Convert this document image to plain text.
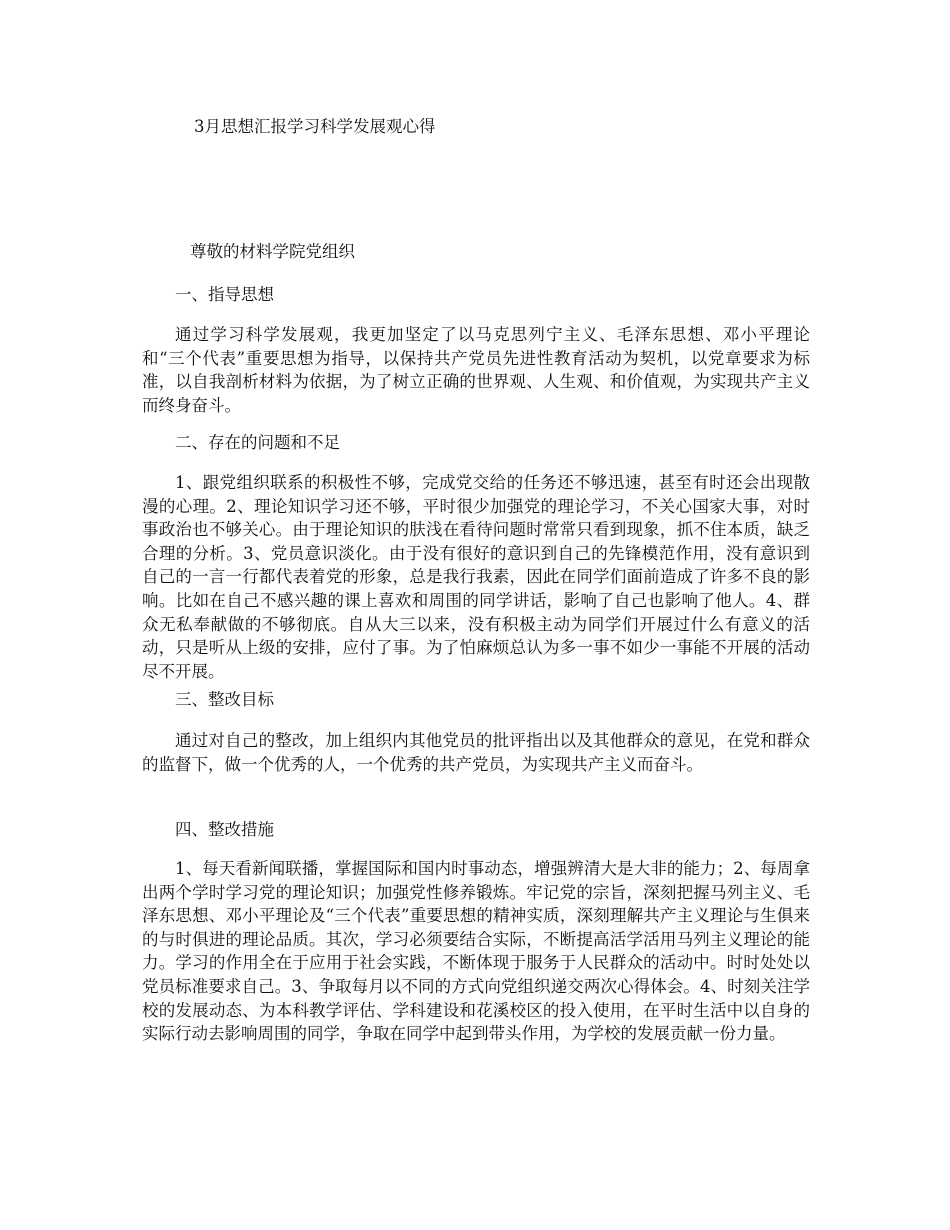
3月思想汇报学习科学发展观心得
尊敬的材料学院党组织
一、指导思想

通过学习科学发展观，我更加坚定了以马克思列宁主义、毛泽东思想、邓小平理论和“三个代表”重要思想为指导，以保持共产党员先进性教育活动为契机，以党章要求为标准，以自我剖析材料为依据，为了树立正确的世界观、人生观、和价值观，为实现共产主义而终身奋斗。

二、存在的问题和不足

1、跟党组织联系的积极性不够，完成党交给的任务还不够迅速，甚至有时还会出现散漫的心理。2、理论知识学习还不够，平时很少加强党的理论学习，不关心国家大事，对时事政治也不够关心。由于理论知识的肤浅在看待问题时常常只看到现象，抓不住本质，缺乏合理的分析。3、党员意识淡化。由于没有很好的意识到自己的先锋模范作用，没有意识到自己的一言一行都代表着党的形象，总是我行我素，因此在同学们面前造成了许多不良的影响。比如在自己不感兴趣的课上喜欢和周围的同学讲话，影响了自己也影响了他人。4、群众无私奉献做的不够彻底。自从大三以来，没有积极主动为同学们开展过什么有意义的活动，只是听从上级的安排，应付了事。为了怕麻烦总认为多一事不如少一事能不开展的活动尽不开展。

三、整改目标

通过对自己的整改，加上组织内其他党员的批评指出以及其他群众的意见，在党和群众的监督下，做一个优秀的人，一个优秀的共产党员，为实现共产主义而奋斗。

四、整改措施

1、每天看新闻联播，掌握国际和国内时事动态，增强辨清大是大非的能力；2、每周拿出两个学时学习党的理论知识；加强党性修养锻炼。牢记党的宗旨，深刻把握马列主义、毛泽东思想、邓小平理论及“三个代表”重要思想的精神实质，深刻理解共产主义理论与生俱来的与时俱进的理论品质。其次，学习必须要结合实际，不断提高活学活用马列主义理论的能力。学习的作用全在于应用于社会实践，不断体现于服务于人民群众的活动中。时时处处以党员标准要求自己。3、争取每月以不同的方式向党组织递交两次心得体会。4、时刻关注学校的发展动态、为本科教学评估、学科建设和花溪校区的投入使用，在平时生活中以自身的实际行动去影响周围的同学，争取在同学中起到带头作用，为学校的发展贡献一份力量。
